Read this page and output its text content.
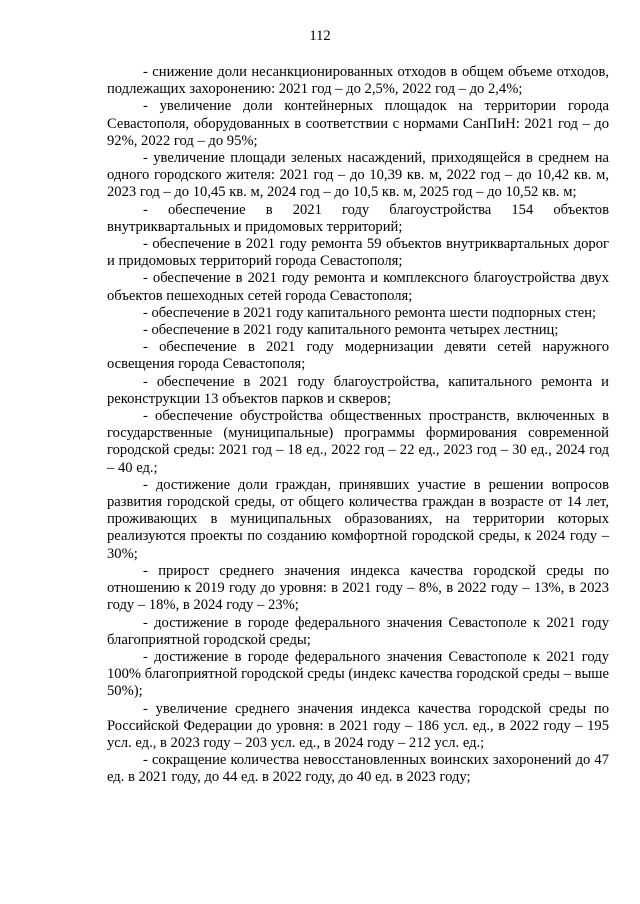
112

- снижение доли несанкционированных отходов в общем объеме отходов, подлежащих захоронению: 2021 год – до 2,5%, 2022 год – до 2,4%;

- увеличение доли контейнерных площадок на территории города Севастополя, оборудованных в соответствии с нормами СанПиН: 2021 год – до 92%, 2022 год – до 95%;

- увеличение площади зеленых насаждений, приходящейся в среднем на одного городского жителя: 2021 год – до 10,39 кв. м, 2022 год – до 10,42 кв. м, 2023 год – до 10,45 кв. м, 2024 год – до 10,5 кв. м, 2025 год – до 10,52 кв. м;

- обеспечение в 2021 году благоустройства 154 объектов внутриквартальных и придомовых территорий;

- обеспечение в 2021 году ремонта 59 объектов внутриквартальных дорог и придомовых территорий города Севастополя;

- обеспечение в 2021 году ремонта и комплексного благоустройства двух объектов пешеходных сетей города Севастополя;

- обеспечение в 2021 году капитального ремонта шести подпорных стен;

- обеспечение в 2021 году капитального ремонта четырех лестниц;

- обеспечение в 2021 году модернизации девяти сетей наружного освещения города Севастополя;

- обеспечение в 2021 году благоустройства, капитального ремонта и реконструкции 13 объектов парков и скверов;

- обеспечение обустройства общественных пространств, включенных в государственные (муниципальные) программы формирования современной городской среды: 2021 год – 18 ед., 2022 год – 22 ед., 2023 год – 30 ед., 2024 год – 40 ед.;

- достижение доли граждан, принявших участие в решении вопросов развития городской среды, от общего количества граждан в возрасте от 14 лет, проживающих в муниципальных образованиях, на территории которых реализуются проекты по созданию комфортной городской среды, к 2024 году – 30%;

- прирост среднего значения индекса качества городской среды по отношению к 2019 году до уровня: в 2021 году – 8%, в 2022 году – 13%, в 2023 году – 18%, в 2024 году – 23%;

- достижение в городе федерального значения Севастополе к 2021 году благоприятной городской среды;

- достижение в городе федерального значения Севастополе к 2021 году 100% благоприятной городской среды (индекс качества городской среды – выше 50%);

- увеличение среднего значения индекса качества городской среды по Российской Федерации до уровня: в 2021 году – 186 усл. ед., в 2022 году – 195 усл. ед., в 2023 году – 203 усл. ед., в 2024 году – 212 усл. ед.;

- сокращение количества невосстановленных воинских захоронений до 47 ед. в 2021 году, до 44 ед. в 2022 году, до 40 ед. в 2023 году;
